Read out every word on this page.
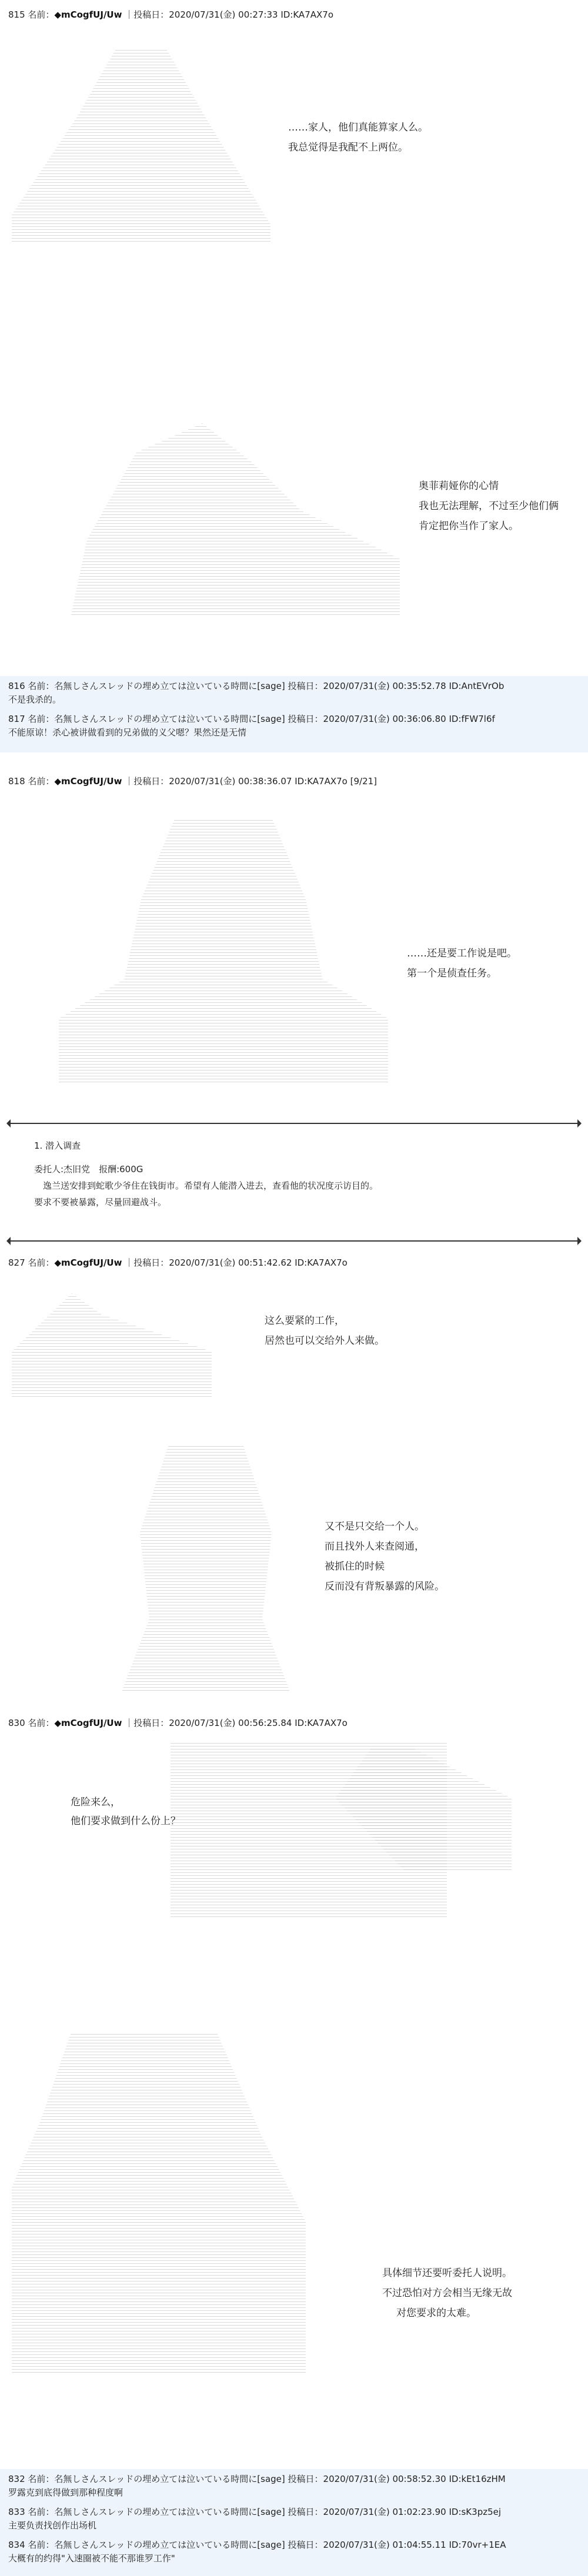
815 名前：◆mCogfUJ/Uw ｜投稿日：2020/07/31(金) 00:27:33 ID:KA7AX7o

……家人，他们真能算家人么。

我总觉得是我配不上两位。

奥菲莉娅你的心情

我也无法理解，不过至少他们俩

肯定把你当作了家人。

816 名前：名無しさんスレッドの埋め立ては泣いている時間に[sage] 投稿日：2020/07/31(金) 00:35:52.78 ID:AntEVrOb
不是我杀的。
817 名前：名無しさんスレッドの埋め立ては泣いている時間に[sage] 投稿日：2020/07/31(金) 00:36:06.80 ID:fFW7l6f
不能原谅！杀心被讲做看到的兄弟做的义父嗯？果然还是无情
818 名前：◆mCogfUJ/Uw ｜投稿日：2020/07/31(金) 00:38:36.07 ID:KA7AX7o [9/21]

……还是要工作说是吧。

第一个是侦查任务。

1. 潜入调查

委托人:杰旧党　 报酬:600G

　逸兰送安排到蛇歌少爷住在钱街市。希望有人能潜入进去，查看他的状况度示访目的。

要求不要被暴露，尽量回避战斗。

827 名前：◆mCogfUJ/Uw ｜投稿日：2020/07/31(金) 00:51:42.62 ID:KA7AX7o

这么要紧的工作，

居然也可以交给外人来做。

又不是只交给一个人。

而且找外人来查阅通，

被抓住的时候

反而没有背叛暴露的风险。

830 名前：◆mCogfUJ/Uw ｜投稿日：2020/07/31(金) 00:56:25.84 ID:KA7AX7o

危险来么，

他们要求做到什么份上？

具体细节还要听委托人说明。

不过恐怕对方会相当无缘无故

对您要求的太难。

832 名前：名無しさんスレッドの埋め立ては泣いている時間に[sage] 投稿日：2020/07/31(金) 00:58:52.30 ID:kEt16zHM
罗露克到底得做到那种程度啊
833 名前：名無しさんスレッドの埋め立ては泣いている時間に[sage] 投稿日：2020/07/31(金) 01:02:23.90 ID:sK3pz5ej
主要负责找创作出场机
834 名前：名無しさんスレッドの埋め立ては泣いている時間に[sage] 投稿日：2020/07/31(金) 01:04:55.11 ID:70vr+1EA
大概有的约得"入速圈被不能不那谁罗工作"
